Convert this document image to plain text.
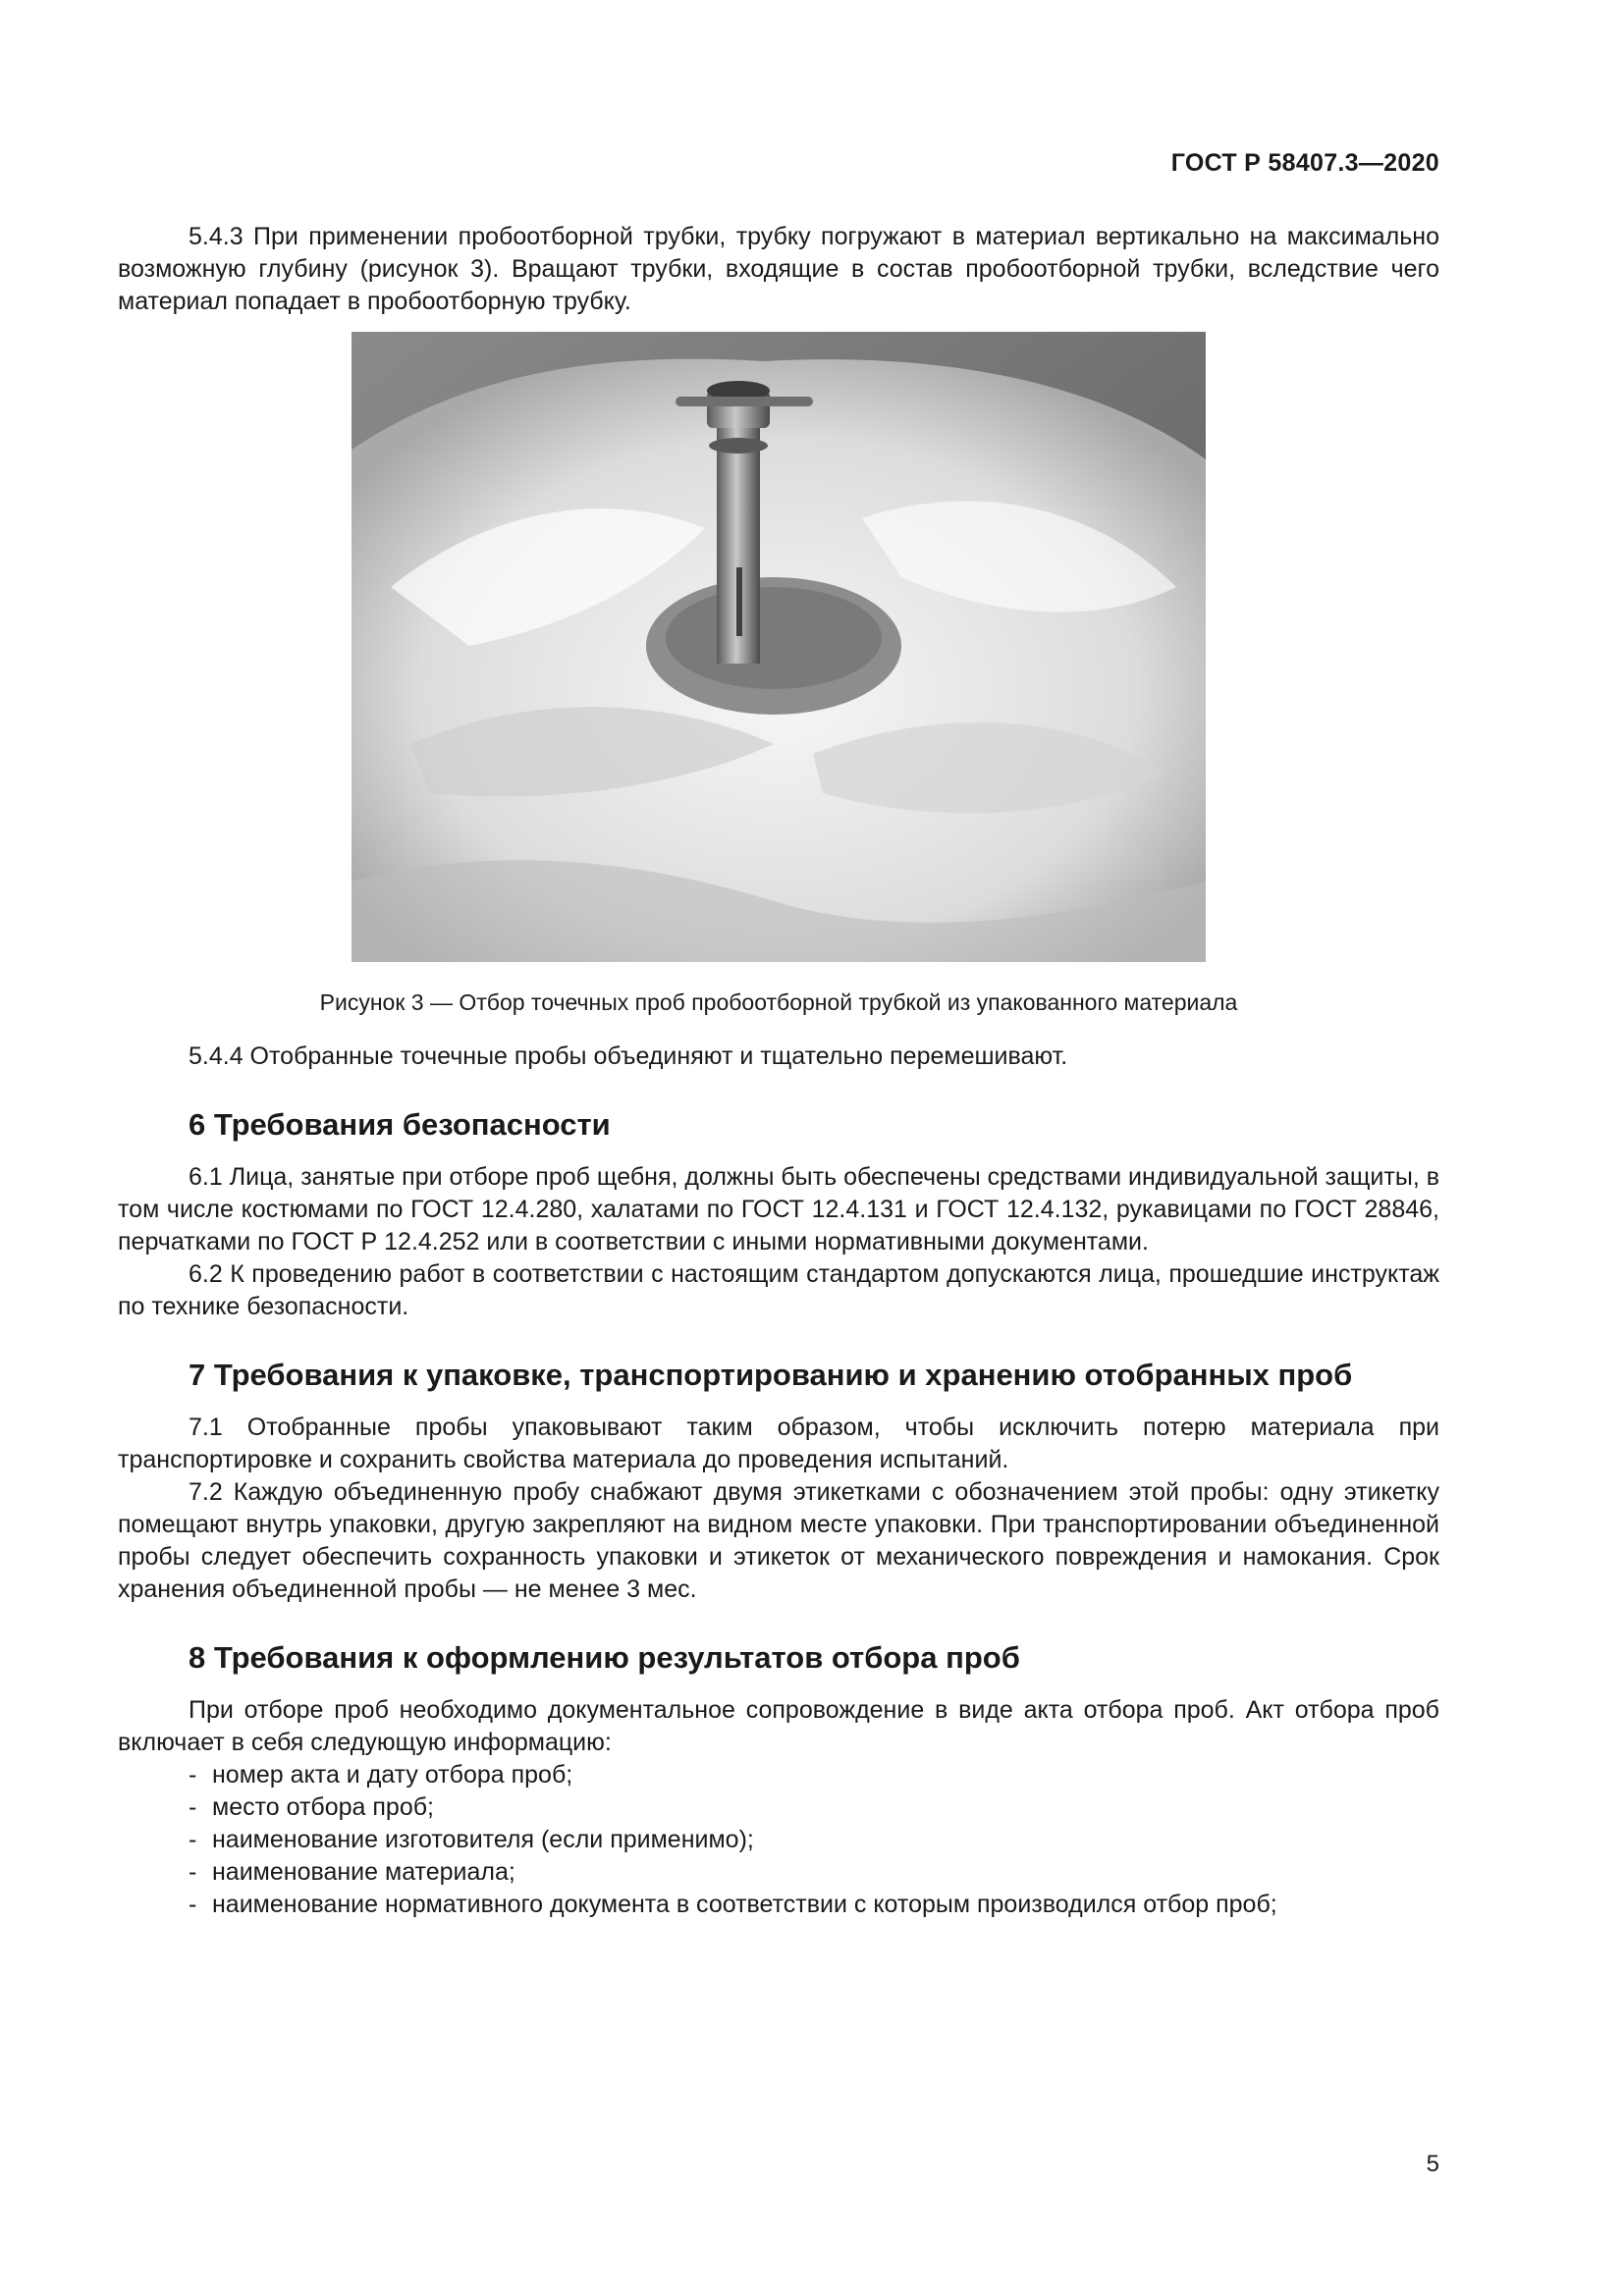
ГОСТ Р 58407.3—2020

5.4.3 При применении пробоотборной трубки, трубку погружают в материал вертикально на максимально возможную глубину (рисунок 3). Вращают трубки, входящие в состав пробоотборной трубки, вследствие чего материал попадает в пробоотборную трубку.

Рисунок 3 — Отбор точечных проб пробоотборной трубкой из упакованного материала

5.4.4 Отобранные точечные пробы объединяют и тщательно перемешивают.

6 Требования безопасности

6.1 Лица, занятые при отборе проб щебня, должны быть обеспечены средствами индивидуальной защиты, в том числе костюмами по ГОСТ 12.4.280, халатами по ГОСТ 12.4.131 и ГОСТ 12.4.132, рукавицами по ГОСТ 28846, перчатками по ГОСТ Р 12.4.252 или в соответствии с иными нормативными документами.

6.2 К проведению работ в соответствии с настоящим стандартом допускаются лица, прошедшие инструктаж по технике безопасности.

7 Требования к упаковке, транспортированию и хранению отобранных проб

7.1 Отобранные пробы упаковывают таким образом, чтобы исключить потерю материала при транспортировке и сохранить свойства материала до проведения испытаний.

7.2 Каждую объединенную пробу снабжают двумя этикетками с обозначением этой пробы: одну этикетку помещают внутрь упаковки, другую закрепляют на видном месте упаковки. При транспортировании объединенной пробы следует обеспечить сохранность упаковки и этикеток от механического повреждения и намокания. Срок хранения объединенной пробы — не менее 3 мес.

8 Требования к оформлению результатов отбора проб

При отборе проб необходимо документальное сопровождение в виде акта отбора проб. Акт отбора проб включает в себя следующую информацию:

- номер акта и дату отбора проб;
- место отбора проб;
- наименование изготовителя (если применимо);
- наименование материала;
- наименование нормативного документа в соответствии с которым производился отбор проб;
5
